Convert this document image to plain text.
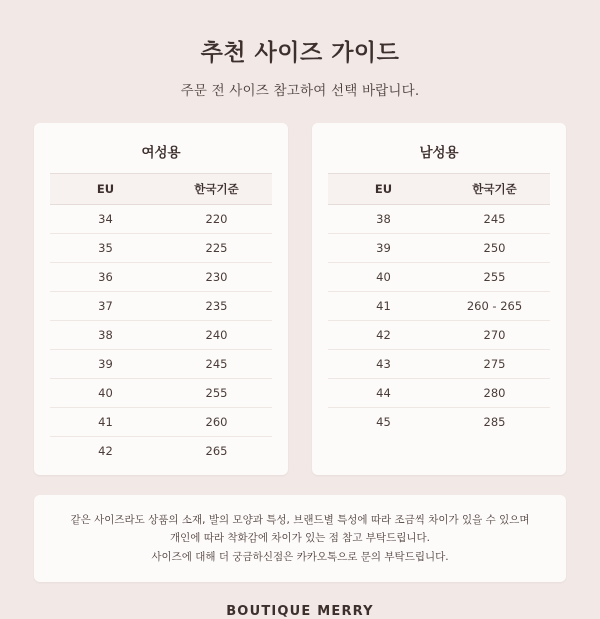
추천 사이즈 가이드
주문 전 사이즈 참고하여 선택 바랍니다.
여성용
EU	한국기준
34	220
35	225
36	230
37	235
38	240
39	245
40	255
41	260
42	265
남성용
EU	한국기준
38	245
39	250
40	255
41	260 - 265
42	270
43	275
44	280
45	285
같은 사이즈라도 상품의 소재, 발의 모양과 특성, 브랜드별 특성에 따라 조금씩 차이가 있을 수 있으며
개인에 따라 착화감에 차이가 있는 점 참고 부탁드립니다.
사이즈에 대해 더 궁금하신점은 카카오톡으로 문의 부탁드립니다.
BOUTIQUE MERRY
